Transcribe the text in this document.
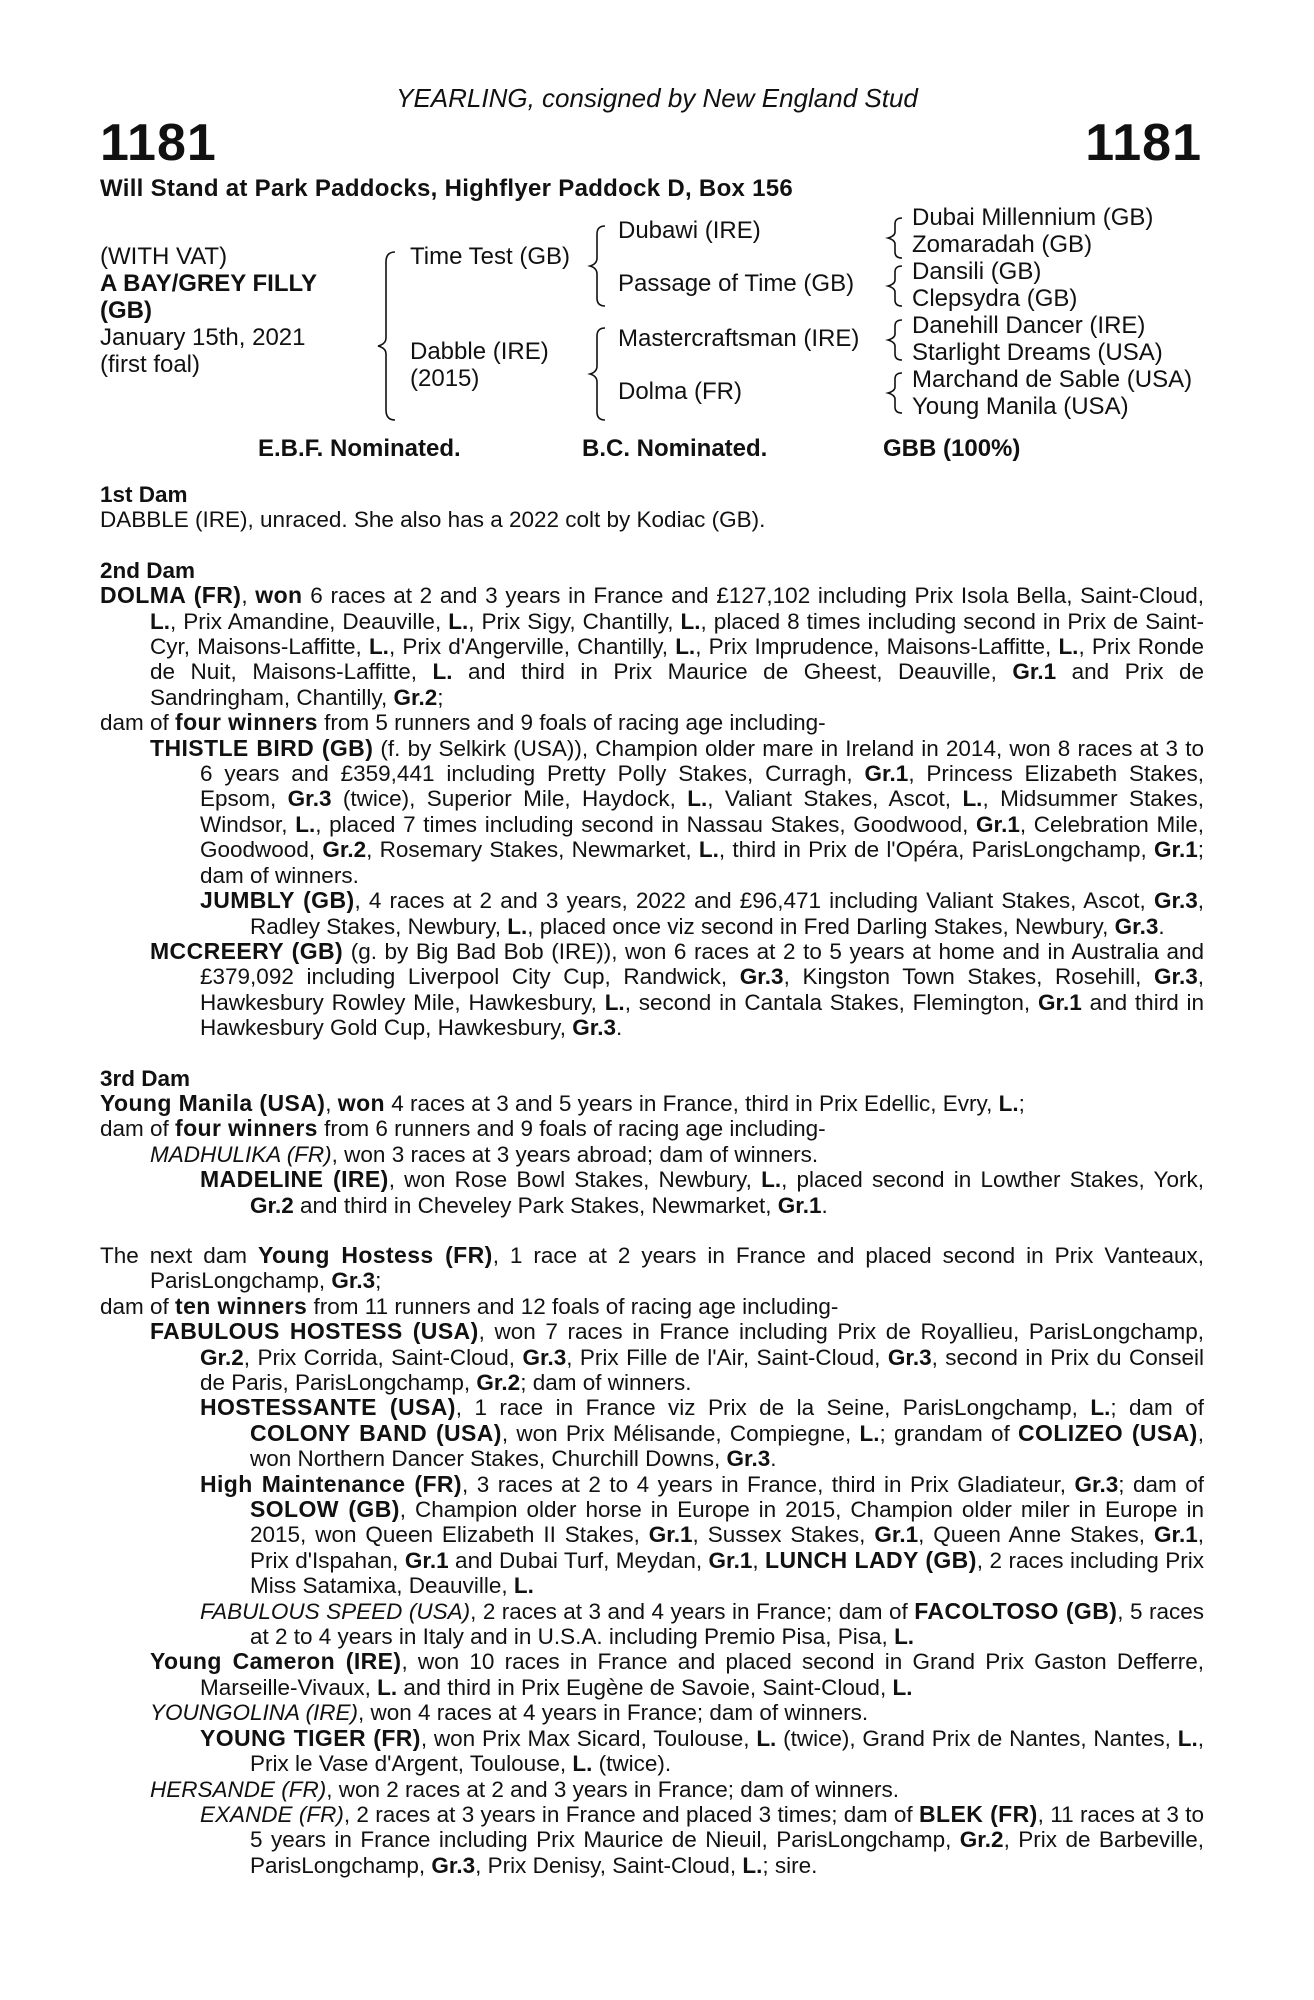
YEARLING, consigned by New England Stud
1181	1181
Will Stand at Park Paddocks, Highflyer Paddock D, Box 156
(WITH VAT)
A BAY/GREY FILLY
(GB)
January 15th, 2021
(first foal)
Time Test (GB)
Dabble (IRE)
(2015)
Dubawi (IRE)
Passage of Time (GB)
Mastercraftsman (IRE)
Dolma (FR)
Dubai Millennium (GB)
Zomaradah (GB)
Dansili (GB)
Clepsydra (GB)
Danehill Dancer (IRE)
Starlight Dreams (USA)
Marchand de Sable (USA)
Young Manila (USA)
E.B.F. Nominated.	B.C. Nominated.	GBB (100%)
1st Dam

DABBLE (IRE), unraced. She also has a 2022 colt by Kodiac (GB).

2nd Dam

DOLMA (FR), won 6 races at 2 and 3 years in France and £127,102 including Prix Isola Bella, Saint-Cloud, L., Prix Amandine, Deauville, L., Prix Sigy, Chantilly, L., placed 8 times including second in Prix de Saint-Cyr, Maisons-Laffitte, L., Prix d'Angerville, Chantilly, L., Prix Imprudence, Maisons-Laffitte, L., Prix Ronde de Nuit, Maisons-Laffitte, L. and third in Prix Maurice de Gheest, Deauville, Gr.1 and Prix de Sandringham, Chantilly, Gr.2;

dam of four winners from 5 runners and 9 foals of racing age including-

THISTLE BIRD (GB) (f. by Selkirk (USA)), Champion older mare in Ireland in 2014, won 8 races at 3 to 6 years and £359,441 including Pretty Polly Stakes, Curragh, Gr.1, Princess Elizabeth Stakes, Epsom, Gr.3 (twice), Superior Mile, Haydock, L., Valiant Stakes, Ascot, L., Midsummer Stakes, Windsor, L., placed 7 times including second in Nassau Stakes, Goodwood, Gr.1, Celebration Mile, Goodwood, Gr.2, Rosemary Stakes, Newmarket, L., third in Prix de l'Opéra, ParisLongchamp, Gr.1; dam of winners.

JUMBLY (GB), 4 races at 2 and 3 years, 2022 and £96,471 including Valiant Stakes, Ascot, Gr.3, Radley Stakes, Newbury, L., placed once viz second in Fred Darling Stakes, Newbury, Gr.3.

MCCREERY (GB) (g. by Big Bad Bob (IRE)), won 6 races at 2 to 5 years at home and in Australia and £379,092 including Liverpool City Cup, Randwick, Gr.3, Kingston Town Stakes, Rosehill, Gr.3, Hawkesbury Rowley Mile, Hawkesbury, L., second in Cantala Stakes, Flemington, Gr.1 and third in Hawkesbury Gold Cup, Hawkesbury, Gr.3.

3rd Dam

Young Manila (USA), won 4 races at 3 and 5 years in France, third in Prix Edellic, Evry, L.;

dam of four winners from 6 runners and 9 foals of racing age including-

MADHULIKA (FR), won 3 races at 3 years abroad; dam of winners.

MADELINE (IRE), won Rose Bowl Stakes, Newbury, L., placed second in Lowther Stakes, York, Gr.2 and third in Cheveley Park Stakes, Newmarket, Gr.1.

The next dam Young Hostess (FR), 1 race at 2 years in France and placed second in Prix Vanteaux, ParisLongchamp, Gr.3;

dam of ten winners from 11 runners and 12 foals of racing age including-

FABULOUS HOSTESS (USA), won 7 races in France including Prix de Royallieu, ParisLongchamp, Gr.2, Prix Corrida, Saint-Cloud, Gr.3, Prix Fille de l'Air, Saint-Cloud, Gr.3, second in Prix du Conseil de Paris, ParisLongchamp, Gr.2; dam of winners.

HOSTESSANTE (USA), 1 race in France viz Prix de la Seine, ParisLongchamp, L.; dam of COLONY BAND (USA), won Prix Mélisande, Compiegne, L.; grandam of COLIZEO (USA), won Northern Dancer Stakes, Churchill Downs, Gr.3.

High Maintenance (FR), 3 races at 2 to 4 years in France, third in Prix Gladiateur, Gr.3; dam of SOLOW (GB), Champion older horse in Europe in 2015, Champion older miler in Europe in 2015, won Queen Elizabeth II Stakes, Gr.1, Sussex Stakes, Gr.1, Queen Anne Stakes, Gr.1, Prix d'Ispahan, Gr.1 and Dubai Turf, Meydan, Gr.1, LUNCH LADY (GB), 2 races including Prix Miss Satamixa, Deauville, L.

FABULOUS SPEED (USA), 2 races at 3 and 4 years in France; dam of FACOLTOSO (GB), 5 races at 2 to 4 years in Italy and in U.S.A. including Premio Pisa, Pisa, L.

Young Cameron (IRE), won 10 races in France and placed second in Grand Prix Gaston Defferre, Marseille-Vivaux, L. and third in Prix Eugène de Savoie, Saint-Cloud, L.

YOUNGOLINA (IRE), won 4 races at 4 years in France; dam of winners.

YOUNG TIGER (FR), won Prix Max Sicard, Toulouse, L. (twice), Grand Prix de Nantes, Nantes, L., Prix le Vase d'Argent, Toulouse, L. (twice).

HERSANDE (FR), won 2 races at 2 and 3 years in France; dam of winners.

EXANDE (FR), 2 races at 3 years in France and placed 3 times; dam of BLEK (FR), 11 races at 3 to 5 years in France including Prix Maurice de Nieuil, ParisLongchamp, Gr.2, Prix de Barbeville, ParisLongchamp, Gr.3, Prix Denisy, Saint-Cloud, L.; sire.
